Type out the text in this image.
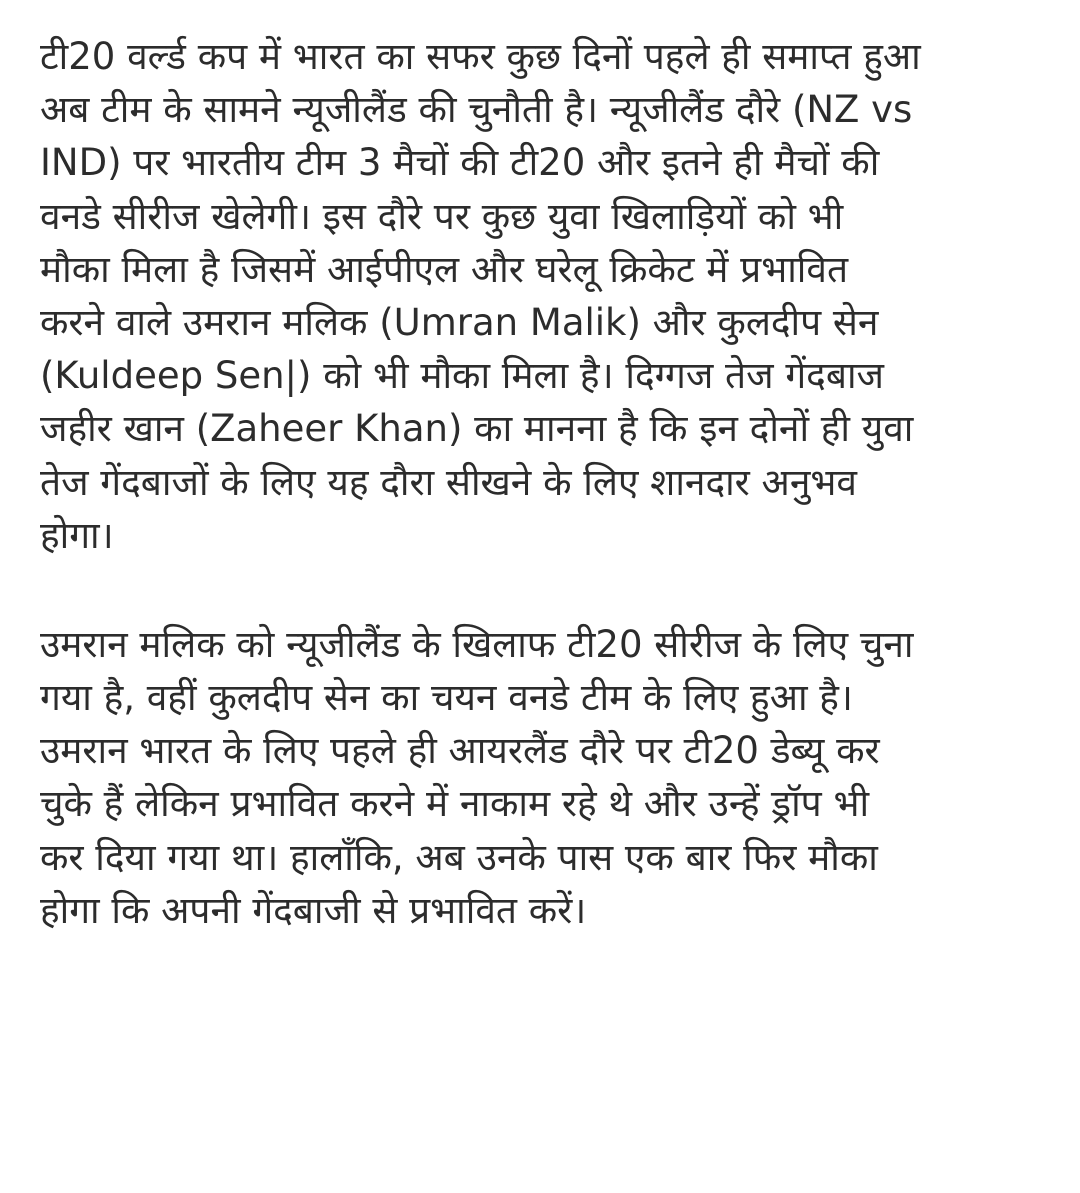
टी20 वर्ल्ड कप में भारत का सफर कुछ दिनों पहले ही समाप्त हुआ
अब टीम के सामने न्यूजीलैंड की चुनौती है। न्यूजीलैंड दौरे (NZ vs
IND) पर भारतीय टीम 3 मैचों की टी20 और इतने ही मैचों की
वनडे सीरीज खेलेगी। इस दौरे पर कुछ युवा खिलाड़ियों को भी
मौका मिला है जिसमें आईपीएल और घरेलू क्रिकेट में प्रभावित
करने वाले उमरान मलिक (Umran Malik) और कुलदीप सेन
(Kuldeep Sen|) को भी मौका मिला है। दिग्गज तेज गेंदबाज
जहीर खान (Zaheer Khan) का मानना है कि इन दोनों ही युवा
तेज गेंदबाजों के लिए यह दौरा सीखने के लिए शानदार अनुभव
होगा।
उमरान मलिक को न्यूजीलैंड के खिलाफ टी20 सीरीज के लिए चुना
गया है, वहीं कुलदीप सेन का चयन वनडे टीम के लिए हुआ है।
उमरान भारत के लिए पहले ही आयरलैंड दौरे पर टी20 डेब्यू कर
चुके हैं लेकिन प्रभावित करने में नाकाम रहे थे और उन्हें ड्रॉप भी
कर दिया गया था। हालाँकि, अब उनके पास एक बार फिर मौका
होगा कि अपनी गेंदबाजी से प्रभावित करें।
